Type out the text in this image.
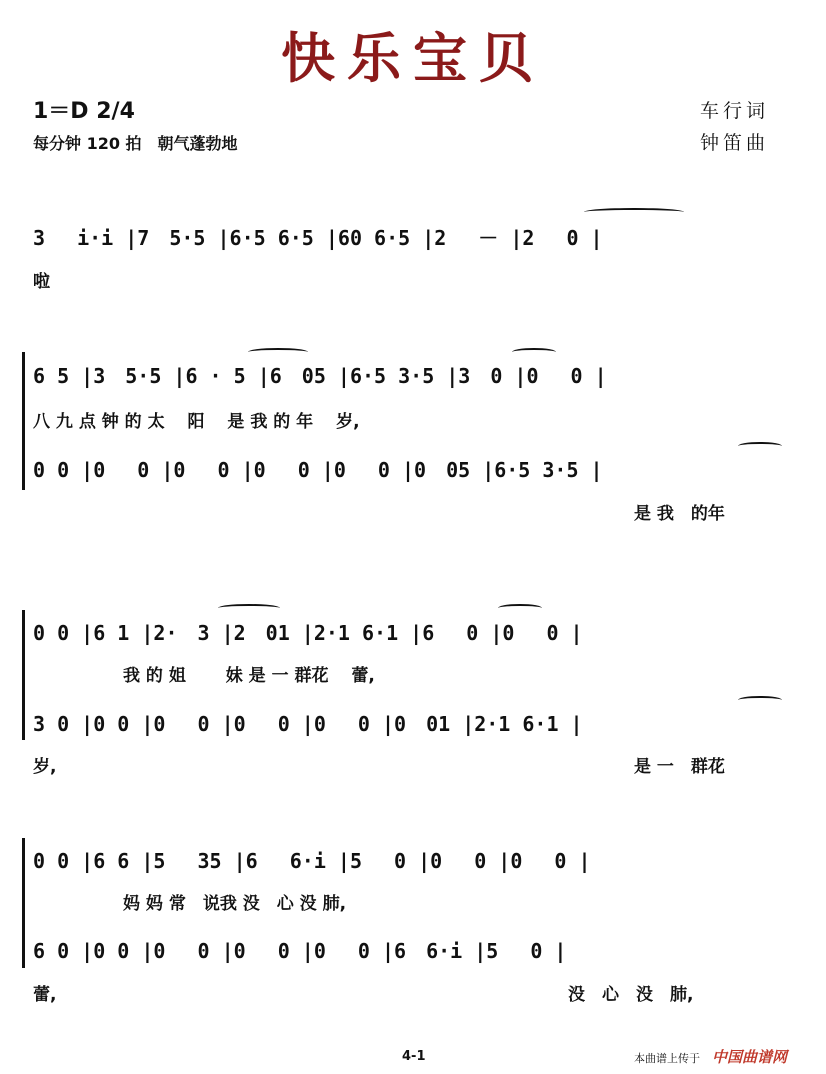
快乐宝贝
1＝D 2/4
每分钟 120 拍　朝气蓬勃地
车行词
钟笛曲
3　 i·i |7　5·5 |6·5 6·5 |60 6·5 |2　 － |2　 0 |
啦
6 5 |3　5·5 |6 · 5 |6　05 |6·5 3·5 |3　0 |0　 0 |
八 九 点 钟 的 太　 阳　 是 我 的 年　 岁,
0 0 |0　 0 |0　 0 |0　 0 |0　 0 |0　05 |6·5 3·5 |
是 我　的年
0 0 |6 1 |2·　3 |2　01 |2·1 6·1 |6　 0 |0　 0 |
我 的 姐　　 妹 是 一 群花　 蕾,
3 0 |0 0 |0　 0 |0　 0 |0　 0 |0　01 |2·1 6·1 |
岁,	是 一　群花
0 0 |6 6 |5　 35 |6　 6·i |5　 0 |0　 0 |0　 0 |
妈 妈 常　说我 没　心 没 肺,
6 0 |0 0 |0　 0 |0　 0 |0　 0 |6　6·i |5　 0 |
蕾,	没　心　没　肺,
4-1	本曲谱上传于 中国曲谱网
